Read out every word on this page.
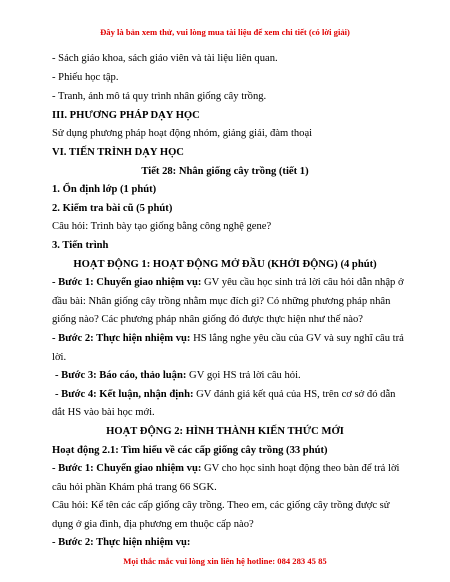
Đây là bản xem thử, vui lòng mua tài liệu để xem chi tiết (có lời giải)
- Sách giáo khoa, sách giáo viên và tài liệu liên quan.
- Phiếu học tập.
- Tranh, ảnh mô tả quy trình nhân giống cây trồng.
III. PHƯƠNG PHÁP DẠY HỌC
Sử dụng phương pháp hoạt động nhóm, giảng giải, đàm thoại
VI. TIẾN TRÌNH DẠY HỌC
Tiết 28: Nhân giống cây trồng (tiết 1)
1. Ổn định lớp (1 phút)
2. Kiểm tra bài cũ (5 phút)
Câu hỏi: Trình bày tạo giống bằng công nghệ gene?
3. Tiến trình
HOẠT ĐỘNG 1: HOẠT ĐỘNG MỞ ĐẦU (KHỞI ĐỘNG) (4 phút)
- Bước 1: Chuyển giao nhiệm vụ: GV yêu cầu học sinh trả lời câu hỏi dẫn nhập ở
đầu bài: Nhân giống cây trồng nhằm mục đích gì? Có những phương pháp nhân
giống nào? Các phương pháp nhân giống đó được thực hiện như thế nào?
- Bước 2: Thực hiện nhiệm vụ: HS lắng nghe yêu cầu của GV và suy nghĩ câu trả
lời.
- Bước 3: Báo cáo, thảo luận: GV gọi HS trả lời câu hỏi.
- Bước 4: Kết luận, nhận định: GV đánh giá kết quả của HS, trên cơ sở đó dẫn
dắt HS vào bài học mới.
HOẠT ĐỘNG 2: HÌNH THÀNH KIẾN THỨC MỚI
Hoạt động 2.1: Tìm hiểu về các cấp giống cây trồng (33 phút)
- Bước 1: Chuyển giao nhiệm vụ: GV cho học sinh hoạt động theo bàn để trả lời
câu hỏi phần Khám phá trang 66 SGK.
Câu hỏi: Kể tên các cấp giống cây trồng. Theo em, các giống cây trồng được sử
dụng ở gia đình, địa phương em thuộc cấp nào?
- Bước 2: Thực hiện nhiệm vụ:
Mọi thắc mắc vui lòng xin liên hệ hotline: 084 283 45 85
